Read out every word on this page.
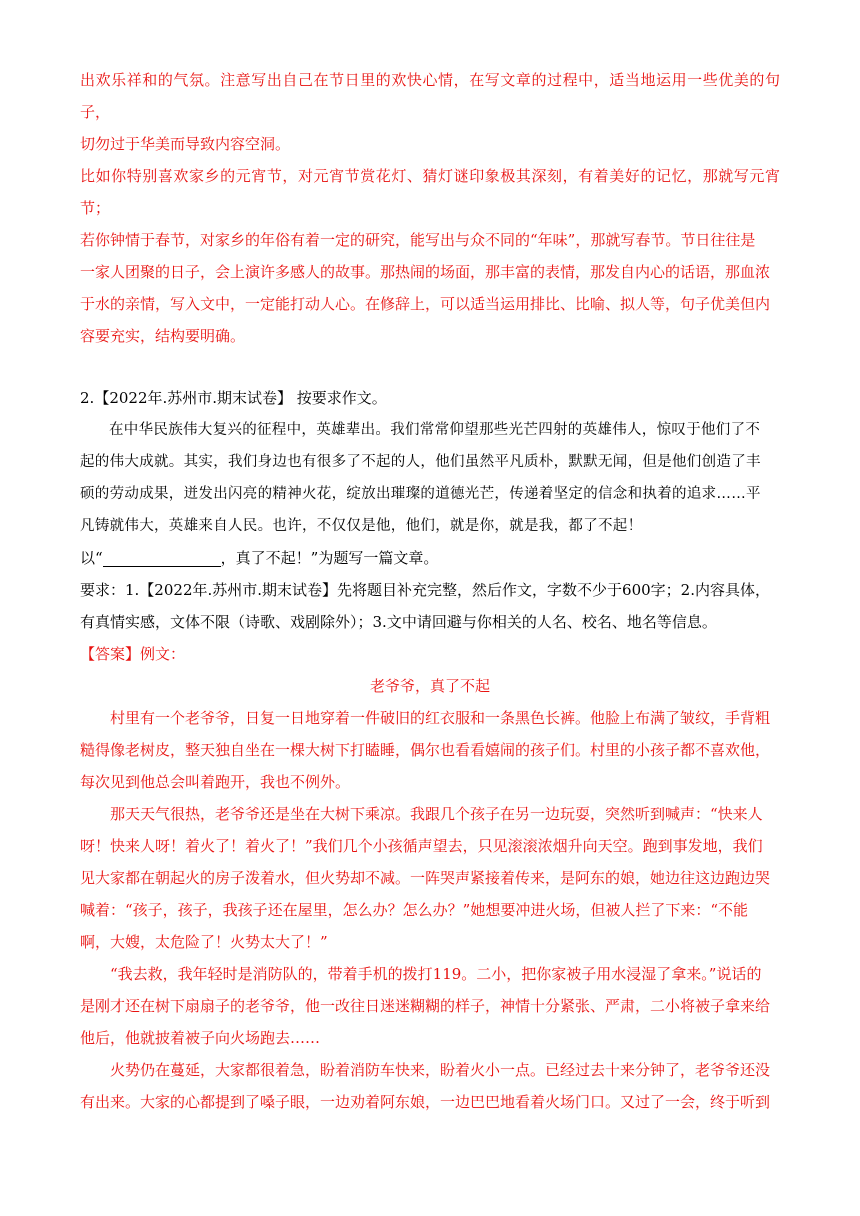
出欢乐祥和的气氛。注意写出自己在节日里的欢快心情，在写文章的过程中，适当地运用一些优美的句子，

切勿过于华美而导致内容空洞。

比如你特别喜欢家乡的元宵节，对元宵节赏花灯、猜灯谜印象极其深刻，有着美好的记忆，那就写元宵节；

若你钟情于春节，对家乡的年俗有着一定的研究，能写出与众不同的“年味”，那就写春节。节日往往是

一家人团聚的日子，会上演许多感人的故事。那热闹的场面，那丰富的表情，那发自内心的话语，那血浓

于水的亲情，写入文中，一定能打动人心。在修辞上，可以适当运用排比、比喻、拟人等，句子优美但内

容要充实，结构要明确。

2.【2022年.苏州市.期末试卷】 按要求作文。

在中华民族伟大复兴的征程中，英雄辈出。我们常常仰望那些光芒四射的英雄伟人，惊叹于他们了不

起的伟大成就。其实，我们身边也有很多了不起的人，他们虽然平凡质朴，默默无闻，但是他们创造了丰

硕的劳动成果，迸发出闪亮的精神火花，绽放出璀璨的道德光芒，传递着坚定的信念和执着的追求……平

凡铸就伟大，英雄来自人民。也许，不仅仅是他，他们，就是你，就是我，都了不起！

以“	，真了不起！”为题写一篇文章。

要求：1.【2022年.苏州市.期末试卷】先将题目补充完整，然后作文，字数不少于600字；2.内容具体，

有真情实感，文体不限（诗歌、戏剧除外）；3.文中请回避与你相关的人名、校名、地名等信息。

【答案】例文：

老爷爷，真了不起

村里有一个老爷爷，日复一日地穿着一件破旧的红衣服和一条黑色长裤。他脸上布满了皱纹，手背粗

糙得像老树皮，整天独自坐在一棵大树下打瞌睡，偶尔也看看嬉闹的孩子们。村里的小孩子都不喜欢他，

每次见到他总会叫着跑开，我也不例外。

那天天气很热，老爷爷还是坐在大树下乘凉。我跟几个孩子在另一边玩耍，突然听到喊声：“快来人

呀！快来人呀！着火了！着火了！”我们几个小孩循声望去，只见滚滚浓烟升向天空。跑到事发地，我们

见大家都在朝起火的房子泼着水，但火势却不减。一阵哭声紧接着传来，是阿东的娘，她边往这边跑边哭

喊着：“孩子，孩子，我孩子还在屋里，怎么办？怎么办？”她想要冲进火场，但被人拦了下来：“不能

啊，大嫂，太危险了！火势太大了！”

“我去救，我年轻时是消防队的，带着手机的拨打119。二小，把你家被子用水浸湿了拿来。”说话的

是刚才还在树下扇扇子的老爷爷，他一改往日迷迷糊糊的样子，神情十分紧张、严肃，二小将被子拿来给

他后，他就披着被子向火场跑去……

火势仍在蔓延，大家都很着急，盼着消防车快来，盼着火小一点。已经过去十来分钟了，老爷爷还没

有出来。大家的心都提到了嗓子眼，一边劝着阿东娘，一边巴巴地看着火场门口。又过了一会，终于听到
